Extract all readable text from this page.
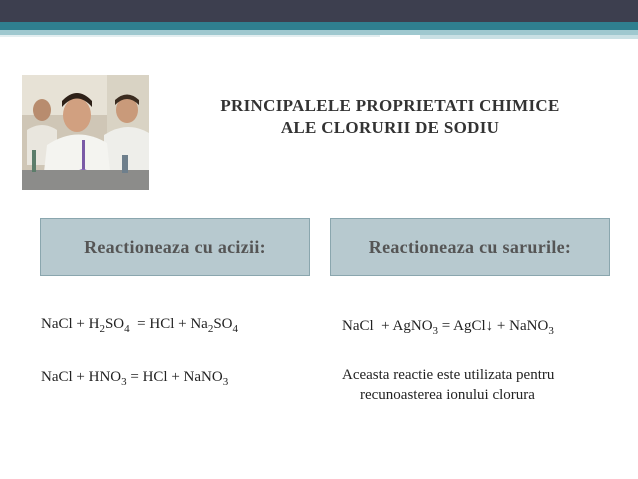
PRINCIPALELE PROPRIETATI CHIMICE
ALE CLORURII DE SODIU
Reactioneaza cu acizii:	Reactioneaza cu sarurile:
NaCl + $H_2SO_4$  = HCl + $Na_2SO_4$
NaCl + $HNO_3$ = HCl + NaNO$_3$
NaCl  + AgNO$_3$ = AgCl↓ + NaNO$_3$
Aceasta reactie este utilizata pentru
recunoasterea ionului clorura
